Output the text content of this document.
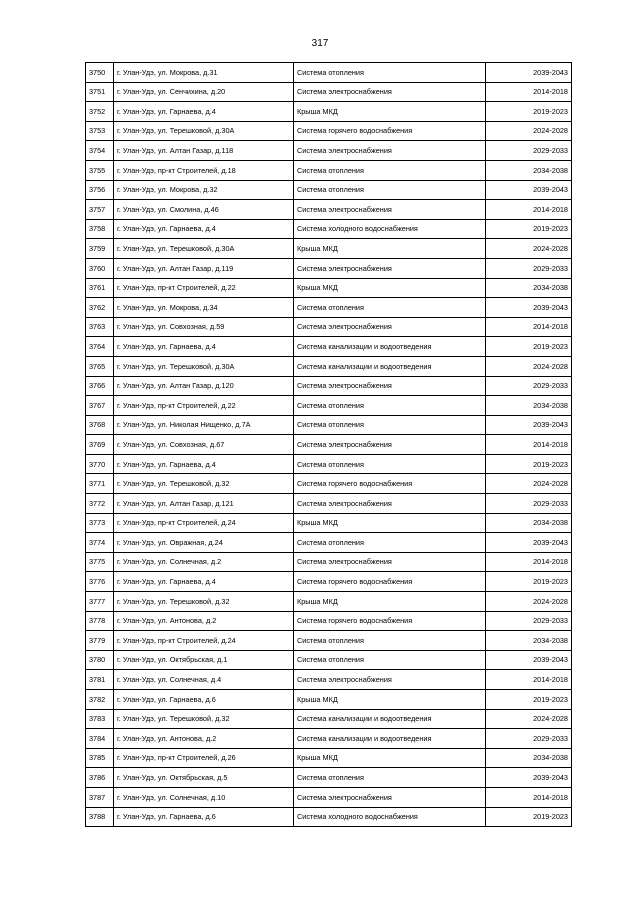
317
3750	г. Улан-Удэ, ул. Мокрова, д.31	Система отопления	2039-2043
3751	г. Улан-Удэ, ул. Сенчихина, д.20	Система электроснабжения	2014-2018
3752	г. Улан-Удэ, ул. Гарнаева, д.4	Крыша МКД	2019-2023
3753	г. Улан-Удэ, ул. Терешковой, д.30А	Система горячего водоснабжения	2024-2028
3754	г. Улан-Удэ, ул. Алтан Газар, д.118	Система электроснабжения	2029-2033
3755	г. Улан-Удэ, пр-кт Строителей, д.18	Система отопления	2034-2038
3756	г. Улан-Удэ, ул. Мокрова, д.32	Система отопления	2039-2043
3757	г. Улан-Удэ, ул. Смолина, д.46	Система электроснабжения	2014-2018
3758	г. Улан-Удэ, ул. Гарнаева, д.4	Система холодного водоснабжения	2019-2023
3759	г. Улан-Удэ, ул. Терешковой, д.30А	Крыша МКД	2024-2028
3760	г. Улан-Удэ, ул. Алтан Газар, д.119	Система электроснабжения	2029-2033
3761	г. Улан-Удэ, пр-кт Строителей, д.22	Крыша МКД	2034-2038
3762	г. Улан-Удэ, ул. Мокрова, д.34	Система отопления	2039-2043
3763	г. Улан-Удэ, ул. Совхозная, д.59	Система электроснабжения	2014-2018
3764	г. Улан-Удэ, ул. Гарнаева, д.4	Система канализации и водоотведения	2019-2023
3765	г. Улан-Удэ, ул. Терешковой, д.30А	Система канализации и водоотведения	2024-2028
3766	г. Улан-Удэ, ул. Алтан Газар, д.120	Система электроснабжения	2029-2033
3767	г. Улан-Удэ, пр-кт Строителей, д.22	Система отопления	2034-2038
3768	г. Улан-Удэ, ул. Николая Нищенко, д.7А	Система отопления	2039-2043
3769	г. Улан-Удэ, ул. Совхозная, д.67	Система электроснабжения	2014-2018
3770	г. Улан-Удэ, ул. Гарнаева, д.4	Система отопления	2019-2023
3771	г. Улан-Удэ, ул. Терешковой, д.32	Система горячего водоснабжения	2024-2028
3772	г. Улан-Удэ, ул. Алтан Газар, д.121	Система электроснабжения	2029-2033
3773	г. Улан-Удэ, пр-кт Строителей, д.24	Крыша МКД	2034-2038
3774	г. Улан-Удэ, ул. Овражная, д.24	Система отопления	2039-2043
3775	г. Улан-Удэ, ул. Солнечная, д.2	Система электроснабжения	2014-2018
3776	г. Улан-Удэ, ул. Гарнаева, д.4	Система горячего водоснабжения	2019-2023
3777	г. Улан-Удэ, ул. Терешковой, д.32	Крыша МКД	2024-2028
3778	г. Улан-Удэ, ул. Антонова, д.2	Система горячего водоснабжения	2029-2033
3779	г. Улан-Удэ, пр-кт Строителей, д.24	Система отопления	2034-2038
3780	г. Улан-Удэ, ул. Октябрьская, д.1	Система отопления	2039-2043
3781	г. Улан-Удэ, ул. Солнечная, д.4	Система электроснабжения	2014-2018
3782	г. Улан-Удэ, ул. Гарнаева, д.6	Крыша МКД	2019-2023
3783	г. Улан-Удэ, ул. Терешковой, д.32	Система канализации и водоотведения	2024-2028
3784	г. Улан-Удэ, ул. Антонова, д.2	Система канализации и водоотведения	2029-2033
3785	г. Улан-Удэ, пр-кт Строителей, д.26	Крыша МКД	2034-2038
3786	г. Улан-Удэ, ул. Октябрьская, д.5	Система отопления	2039-2043
3787	г. Улан-Удэ, ул. Солнечная, д.10	Система электроснабжения	2014-2018
3788	г. Улан-Удэ, ул. Гарнаева, д.6	Система холодного водоснабжения	2019-2023
